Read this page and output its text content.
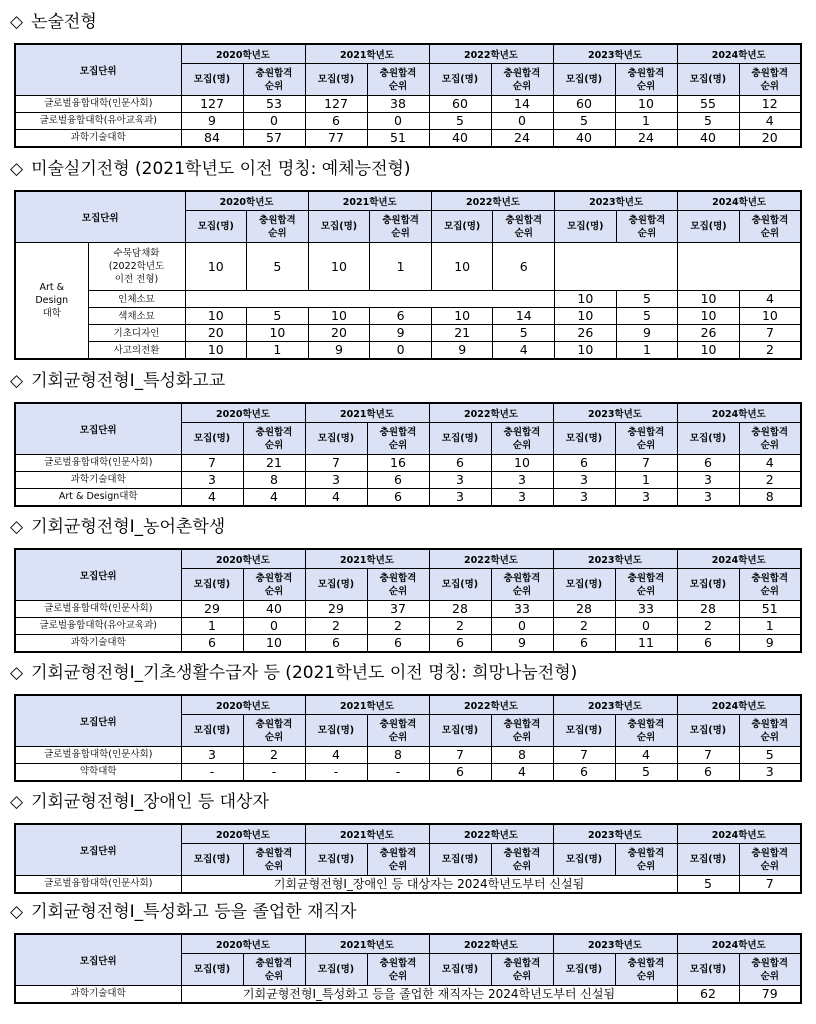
◇ 논술전형
모집단위	2020학년도		2021학년도		2022학년도		2023학년도		2024학년도	
	모집(명)	충원합격
순위	모집(명)	충원합격
순위	모집(명)	충원합격
순위	모집(명)	충원합격
순위	모집(명)	충원합격
순위
글로벌융합대학(인문사회)	127	53	127	38	60	14	60	10	55	12
글로벌융합대학(유아교육과)	9	0	6	0	5	0	5	1	5	4
과학기술대학	84	57	77	51	40	24	40	24	40	20
◇ 미술실기전형 (2021학년도 이전 명칭: 예체능전형)
모집단위		2020학년도		2021학년도		2022학년도		2023학년도		2024학년도	
		모집(명)	충원합격
순위	모집(명)	충원합격
순위	모집(명)	충원합격
순위	모집(명)	충원합격
순위	모집(명)	충원합격
순위
Art &
Design
대학	수묵담채화
(2022학년도
이전 전형)	10	5	10	1	10	6				
	인체소묘							10	5	10	4
	색채소묘	10	5	10	6	10	14	10	5	10	10
	기초디자인	20	10	20	9	21	5	26	9	26	7
	사고의전환	10	1	9	0	9	4	10	1	10	2
◇ 기회균형전형Ⅰ_특성화고교
모집단위	2020학년도		2021학년도		2022학년도		2023학년도		2024학년도	
	모집(명)	충원합격
순위	모집(명)	충원합격
순위	모집(명)	충원합격
순위	모집(명)	충원합격
순위	모집(명)	충원합격
순위
글로벌융합대학(인문사회)	7	21	7	16	6	10	6	7	6	4
과학기술대학	3	8	3	6	3	3	3	1	3	2
Art & Design대학	4	4	4	6	3	3	3	3	3	8
◇ 기회균형전형Ⅰ_농어촌학생
모집단위	2020학년도		2021학년도		2022학년도		2023학년도		2024학년도	
	모집(명)	충원합격
순위	모집(명)	충원합격
순위	모집(명)	충원합격
순위	모집(명)	충원합격
순위	모집(명)	충원합격
순위
글로벌융합대학(인문사회)	29	40	29	37	28	33	28	33	28	51
글로벌융합대학(유아교육과)	1	0	2	2	2	0	2	0	2	1
과학기술대학	6	10	6	6	6	9	6	11	6	9
◇ 기회균형전형Ⅰ_기초생활수급자 등 (2021학년도 이전 명칭: 희망나눔전형)
모집단위	2020학년도		2021학년도		2022학년도		2023학년도		2024학년도	
	모집(명)	충원합격
순위	모집(명)	충원합격
순위	모집(명)	충원합격
순위	모집(명)	충원합격
순위	모집(명)	충원합격
순위
글로벌융합대학(인문사회)	3	2	4	8	7	8	7	4	7	5
약학대학	-	-	-	-	6	4	6	5	6	3
◇ 기회균형전형Ⅰ_장애인 등 대상자
모집단위	2020학년도		2021학년도		2022학년도		2023학년도		2024학년도	
	모집(명)	충원합격
순위	모집(명)	충원합격
순위	모집(명)	충원합격
순위	모집(명)	충원합격
순위	모집(명)	충원합격
순위
글로벌융합대학(인문사회)	기회균형전형Ⅰ_장애인 등 대상자는 2024학년도부터 신설됨								5	7
◇ 기회균형전형Ⅰ_특성화고 등을 졸업한 재직자
모집단위	2020학년도		2021학년도		2022학년도		2023학년도		2024학년도	
	모집(명)	충원합격
순위	모집(명)	충원합격
순위	모집(명)	충원합격
순위	모집(명)	충원합격
순위	모집(명)	충원합격
순위
과학기술대학	기회균형전형Ⅰ_특성화고 등을 졸업한 재직자는 2024학년도부터 신설됨								62	79
